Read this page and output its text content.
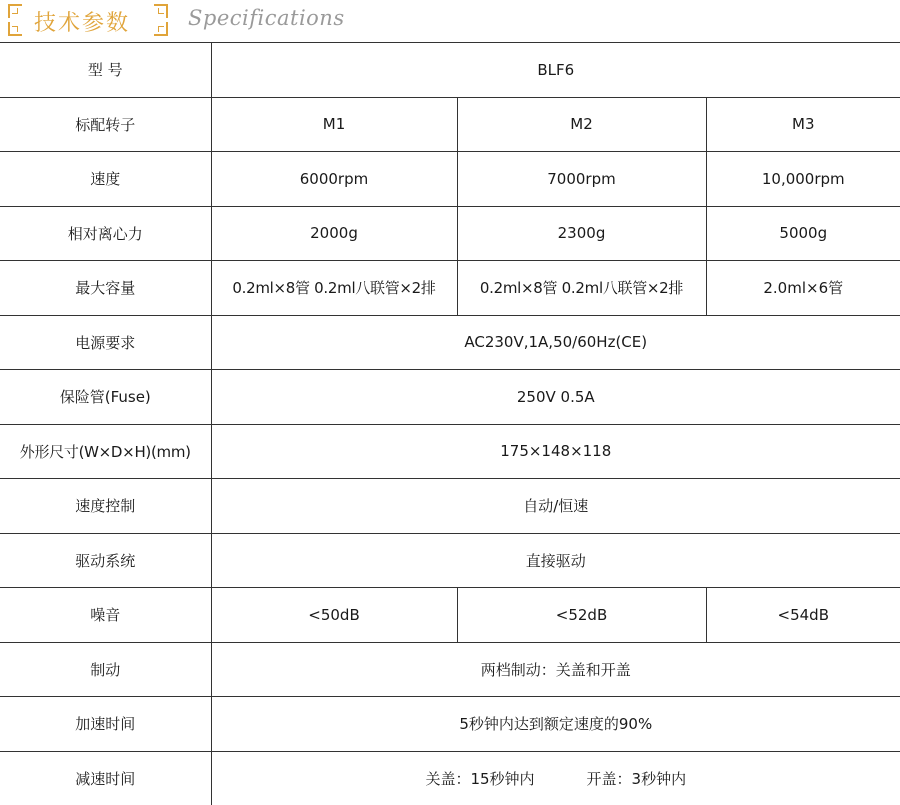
技术参数	Specifications
型 号	BLF6		
标配转子	M1	M2	M3
速度	6000rpm	7000rpm	10,000rpm
相对离心力	2000g	2300g	5000g
最大容量	0.2ml×8管 0.2ml八联管×2排	0.2ml×8管 0.2ml八联管×2排	2.0ml×6管
电源要求	AC230V,1A,50/60Hz(CE)		
保险管(Fuse)	250V 0.5A		
外形尺寸(W×D×H)(mm)	175×148×118		
速度控制	自动/恒速		
驱动系统	直接驱动		
噪音	<50dB	<52dB	<54dB
制动	两档制动：关盖和开盖		
加速时间	5秒钟内达到额定速度的90%		
减速时间	关盖：15秒钟内 开盖：3秒钟内		
